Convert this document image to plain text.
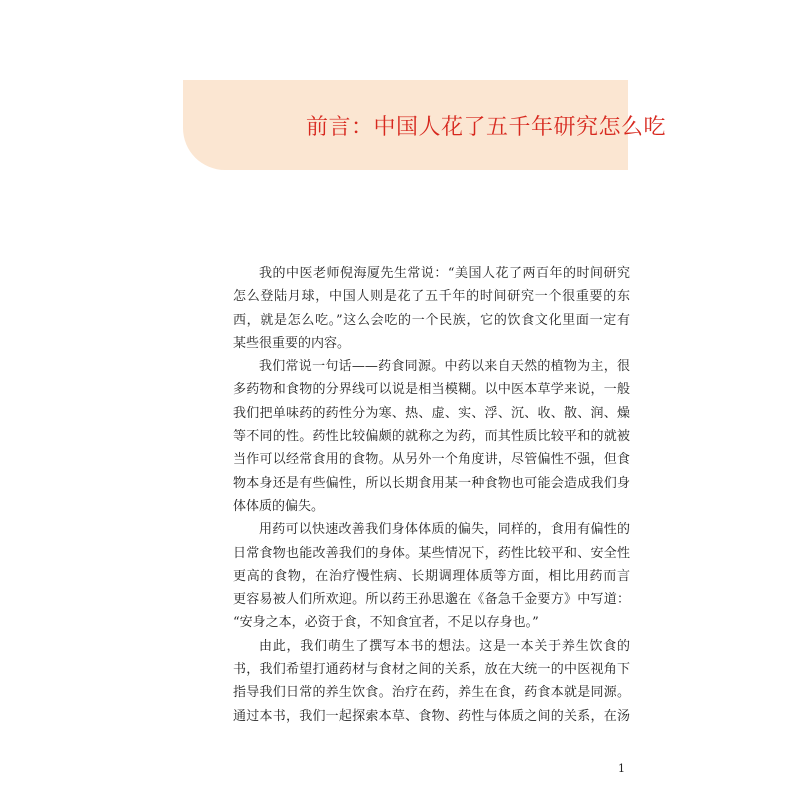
前言：中国人花了五千年研究怎么吃

我的中医老师倪海厦先生常说：“美国人花了两百年的时间研究
怎么登陆月球，中国人则是花了五千年的时间研究一个很重要的东
西，就是怎么吃。”这么会吃的一个民族，它的饮食文化里面一定有
某些很重要的内容。

我们常说一句话——药食同源。中药以来自天然的植物为主，很
多药物和食物的分界线可以说是相当模糊。以中医本草学来说，一般
我们把单味药的药性分为寒、热、虚、实、浮、沉、收、散、润、燥
等不同的性。药性比较偏颇的就称之为药，而其性质比较平和的就被
当作可以经常食用的食物。从另外一个角度讲，尽管偏性不强，但食
物本身还是有些偏性，所以长期食用某一种食物也可能会造成我们身
体体质的偏失。

用药可以快速改善我们身体体质的偏失，同样的，食用有偏性的
日常食物也能改善我们的身体。某些情况下，药性比较平和、安全性
更高的食物，在治疗慢性病、长期调理体质等方面，相比用药而言
更容易被人们所欢迎。所以药王孙思邈在《备急千金要方》中写道：
“安身之本，必资于食，不知食宜者，不足以存身也。”

由此，我们萌生了撰写本书的想法。这是一本关于养生饮食的
书，我们希望打通药材与食材之间的关系，放在大统一的中医视角下
指导我们日常的养生饮食。治疗在药，养生在食，药食本就是同源。
通过本书，我们一起探索本草、食物、药性与体质之间的关系，在汤

1
